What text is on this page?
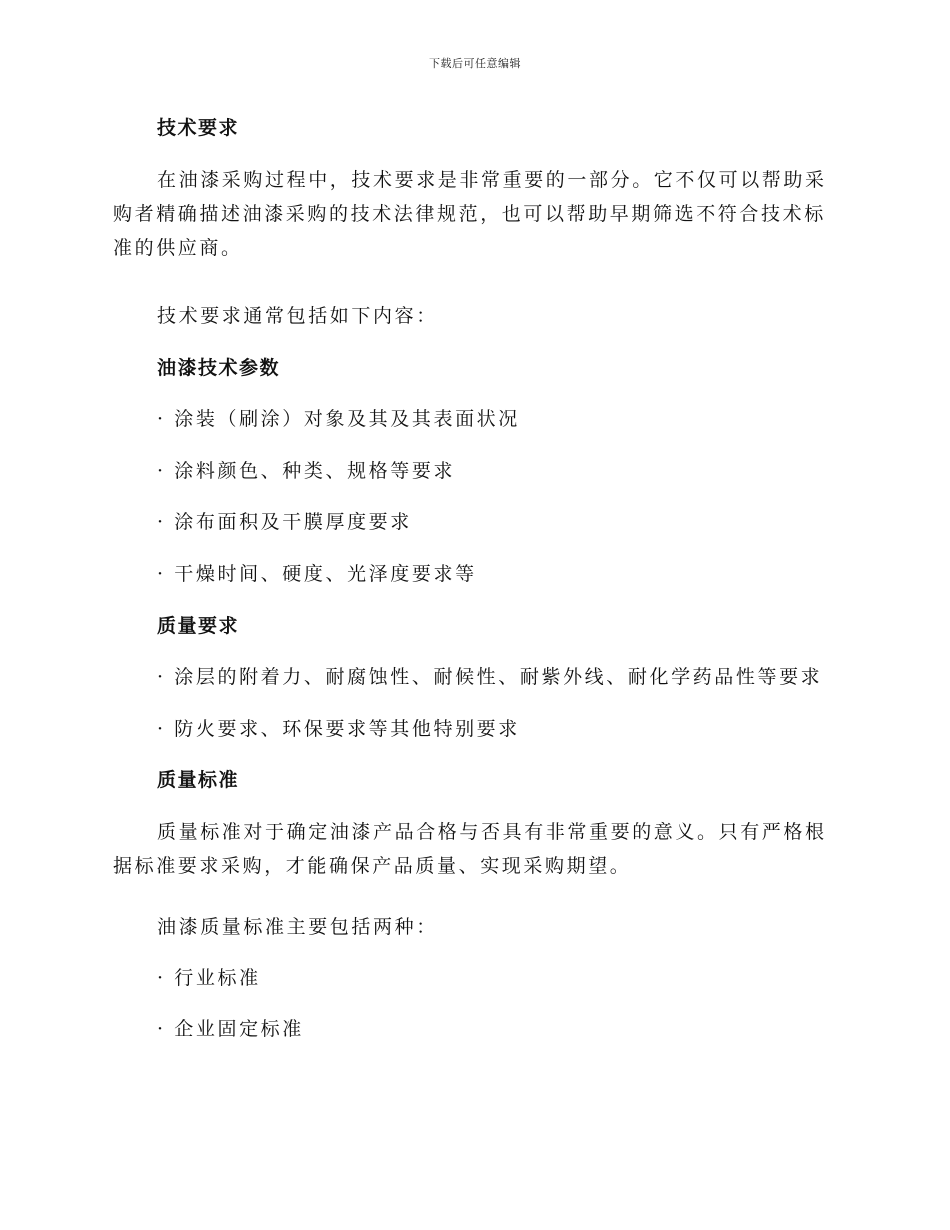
下载后可任意编辑
技术要求
在油漆采购过程中，技术要求是非常重要的一部分。它不仅可以帮助采购者精确描述油漆采购的技术法律规范，也可以帮助早期筛选不符合技术标准的供应商。
技术要求通常包括如下内容：
油漆技术参数
· 涂装（刷涂）对象及其及其表面状况
· 涂料颜色、种类、规格等要求
· 涂布面积及干膜厚度要求
· 干燥时间、硬度、光泽度要求等
质量要求
· 涂层的附着力、耐腐蚀性、耐候性、耐紫外线、耐化学药品性等要求
· 防火要求、环保要求等其他特别要求
质量标准
质量标准对于确定油漆产品合格与否具有非常重要的意义。只有严格根据标准要求采购，才能确保产品质量、实现采购期望。
油漆质量标准主要包括两种：
· 行业标准
· 企业固定标准
